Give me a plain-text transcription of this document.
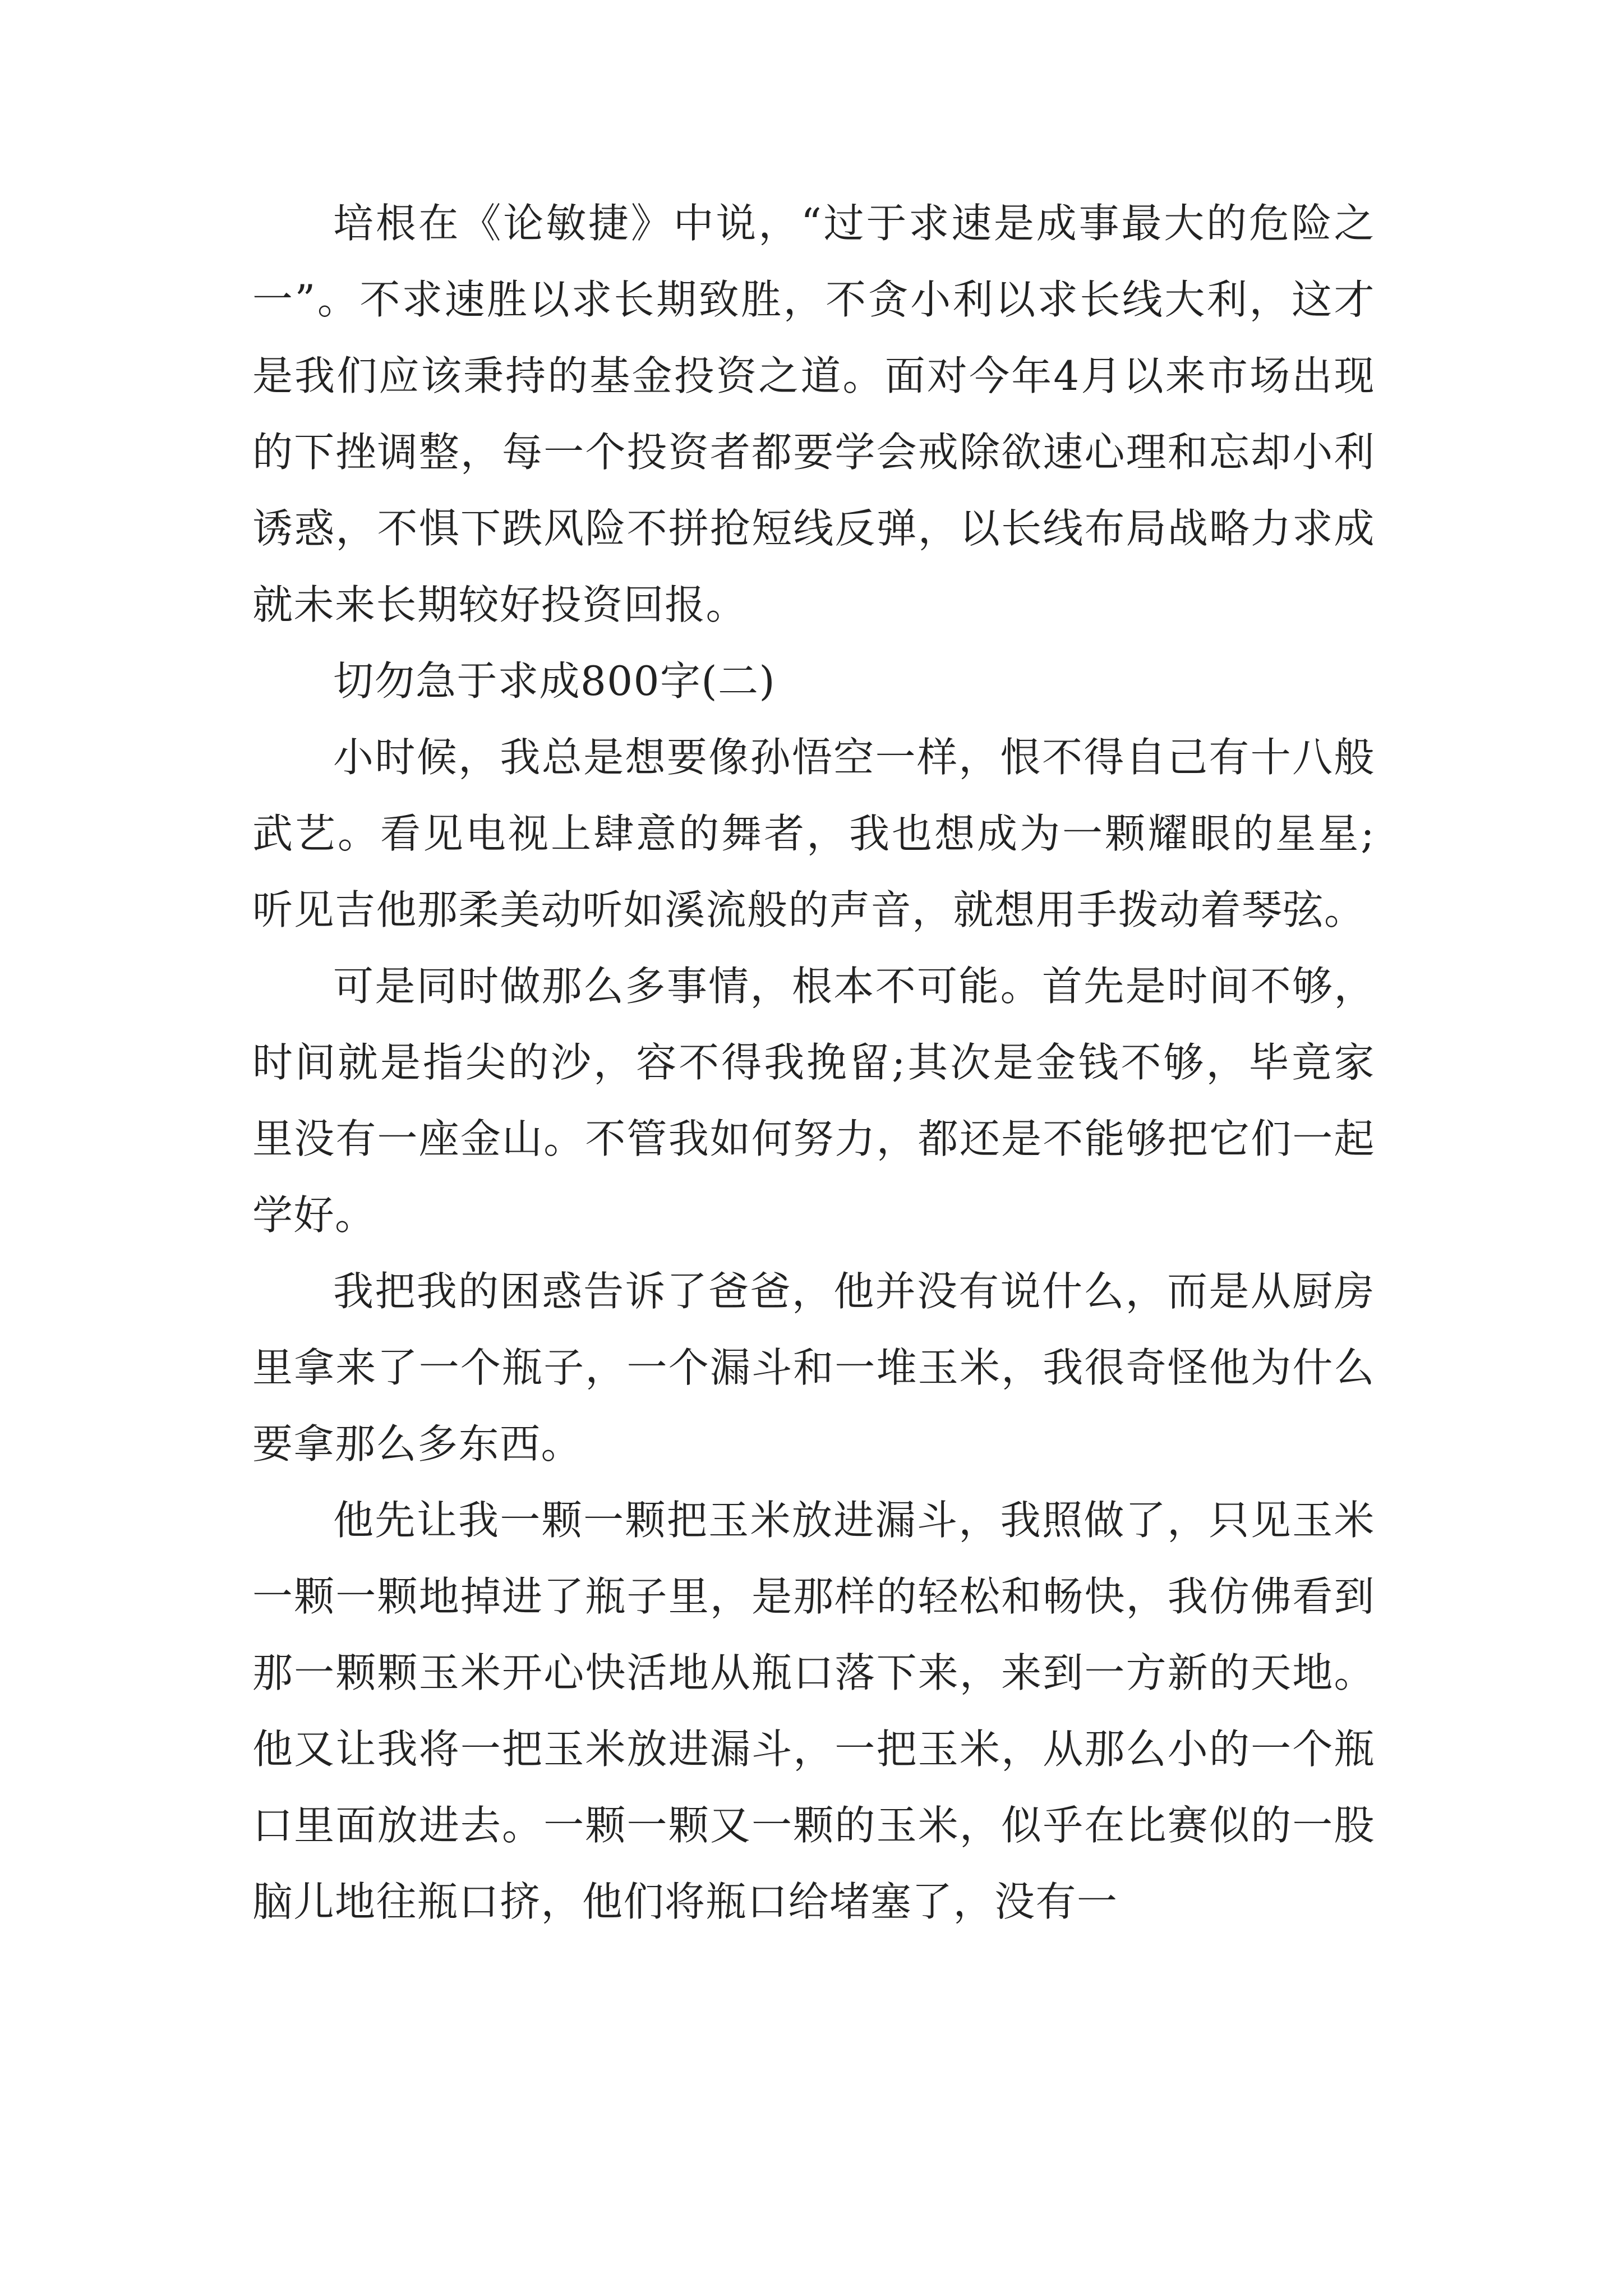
培根在《论敏捷》中说，“过于求速是成事最大的危险之一”。不求速胜以求长期致胜，不贪小利以求长线大利，这才是我们应该秉持的基金投资之道。面对今年4月以来市场出现的下挫调整，每一个投资者都要学会戒除欲速心理和忘却小利诱惑，不惧下跌风险不拼抢短线反弹，以长线布局战略力求成就未来长期较好投资回报。

切勿急于求成800字(二)

小时候，我总是想要像孙悟空一样，恨不得自己有十八般武艺。看见电视上肆意的舞者，我也想成为一颗耀眼的星星;听见吉他那柔美动听如溪流般的声音，就想用手拨动着琴弦。

可是同时做那么多事情，根本不可能。首先是时间不够，时间就是指尖的沙，容不得我挽留;其次是金钱不够，毕竟家里没有一座金山。不管我如何努力，都还是不能够把它们一起学好。

我把我的困惑告诉了爸爸，他并没有说什么，而是从厨房里拿来了一个瓶子，一个漏斗和一堆玉米，我很奇怪他为什么要拿那么多东西。

他先让我一颗一颗把玉米放进漏斗，我照做了，只见玉米一颗一颗地掉进了瓶子里，是那样的轻松和畅快，我仿佛看到那一颗颗玉米开心快活地从瓶口落下来，来到一方新的天地。他又让我将一把玉米放进漏斗，一把玉米，从那么小的一个瓶口里面放进去。一颗一颗又一颗的玉米，似乎在比赛似的一股脑儿地往瓶口挤，他们将瓶口给堵塞了，没有一
